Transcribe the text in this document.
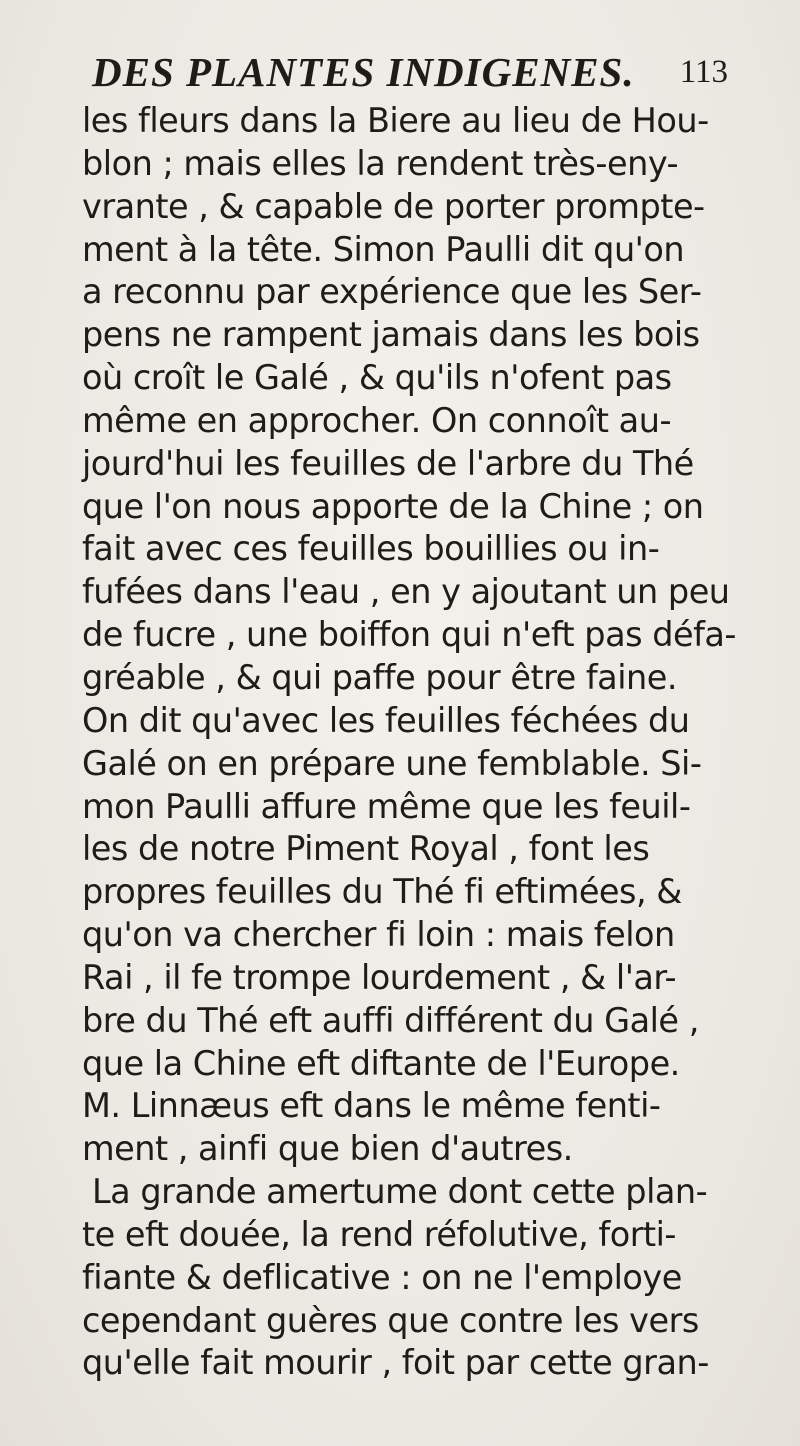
DES PLANTES INDIGENES. 113
les fleurs dans la Biere au lieu de Hou-
blon ; mais elles la rendent très-eny-
vrante , & capable de porter prompte-
ment à la tête. Simon Paulli dit qu'on
a reconnu par expérience que les Ser-
pens ne rampent jamais dans les bois
où croît le Galé , & qu'ils n'ofent pas
même en approcher. On connoît au-
jourd'hui les feuilles de l'arbre du Thé
que l'on nous apporte de la Chine ; on
fait avec ces feuilles bouillies ou in-
fufées dans l'eau , en y ajoutant un peu
de fucre , une boiffon qui n'eft pas défa-
gréable , & qui paffe pour être faine.
On dit qu'avec les feuilles féchées du
Galé on en prépare une femblable. Si-
mon Paulli affure même que les feuil-
les de notre Piment Royal , font les
propres feuilles du Thé fi eftimées, &
qu'on va chercher fi loin : mais felon
Rai , il fe trompe lourdement , & l'ar-
bre du Thé eft auffi différent du Galé ,
que la Chine eft diftante de l'Europe.
M. Linnæus eft dans le même fenti-
ment , ainfi que bien d'autres.
La grande amertume dont cette plan-
te eft douée, la rend réfolutive, forti-
fiante & deflicative : on ne l'employe
cependant guères que contre les vers
qu'elle fait mourir , foit par cette gran-
